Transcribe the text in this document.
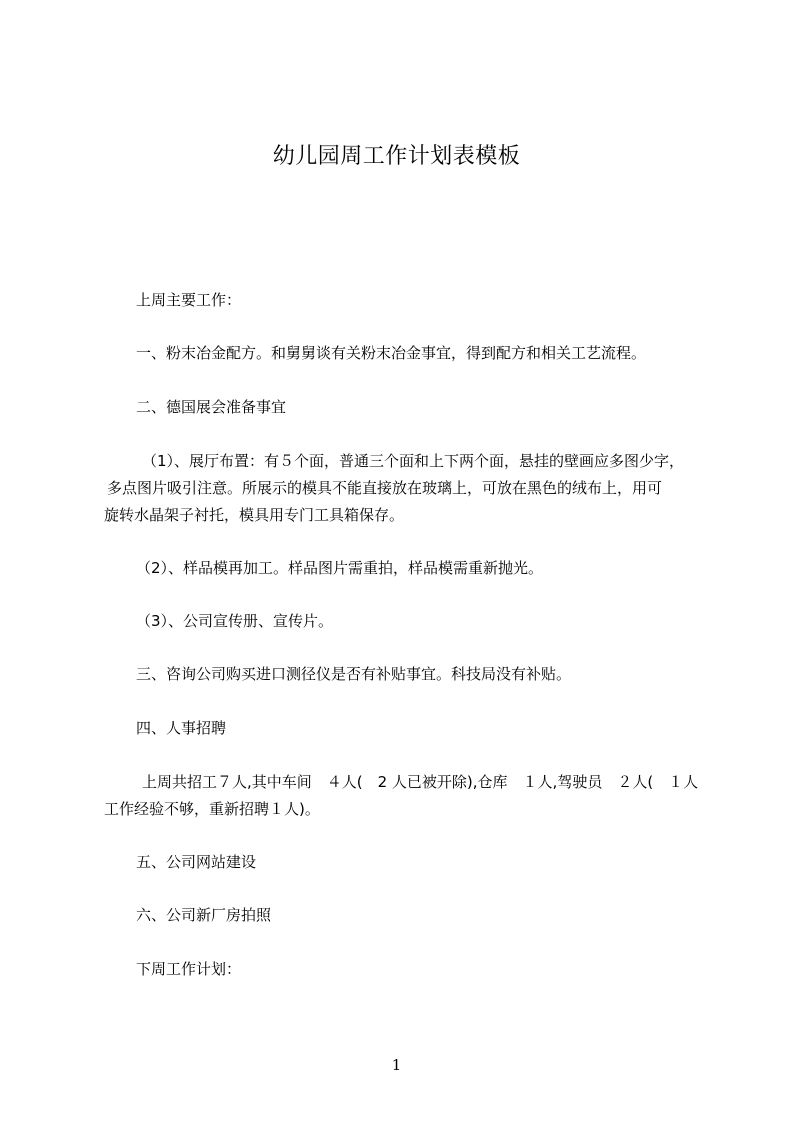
幼儿园周工作计划表模板
上周主要工作：
一、粉末冶金配方。和舅舅谈有关粉末冶金事宜，得到配方和相关工艺流程。
二、德国展会准备事宜
（1）、展厅布置：有５个面，普通三个面和上下两个面，悬挂的壁画应多图少字，
多点图片吸引注意。所展示的模具不能直接放在玻璃上，可放在黑色的绒布上，用可
旋转水晶架子衬托，模具用专门工具箱保存。
（2）、样品模再加工。样品图片需重拍，样品模需重新抛光。
（3）、公司宣传册、宣传片。
三、咨询公司购买进口测径仪是否有补贴事宜。科技局没有补贴。
四、人事招聘
上周共招工７人,其中车间　４人(　2 人已被开除),仓库　１人,驾驶员　２人(　１人
工作经验不够，重新招聘１人)。
五、公司网站建设
六、公司新厂房拍照
下周工作计划：
1
